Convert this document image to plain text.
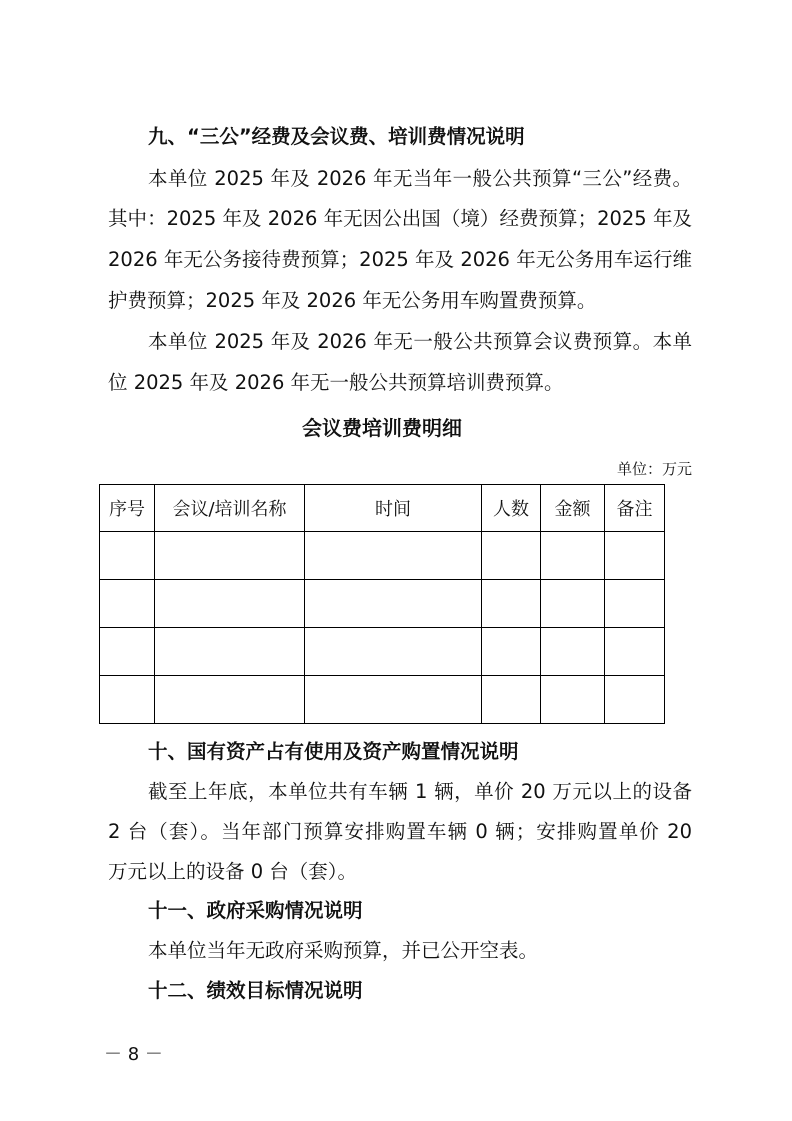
九、“三公”经费及会议费、培训费情况说明
本单位 2025 年及 2026 年无当年一般公共预算“三公”经费。
其中：2025 年及 2026 年无因公出国（境）经费预算；2025 年及
2026 年无公务接待费预算；2025 年及 2026 年无公务用车运行维
护费预算；2025 年及 2026 年无公务用车购置费预算。
本单位 2025 年及 2026 年无一般公共预算会议费预算。本单
位 2025 年及 2026 年无一般公共预算培训费预算。
会议费培训费明细
单位：万元
序号	会议/培训名称	时间	人数	金额	备注

十、国有资产占有使用及资产购置情况说明
截至上年底，本单位共有车辆 1 辆，单价 20 万元以上的设备
2 台（套）。当年部门预算安排购置车辆 0 辆；安排购置单价 20
万元以上的设备 0 台（套）。
十一、政府采购情况说明
本单位当年无政府采购预算，并已公开空表。
十二、绩效目标情况说明
－ 8 －
